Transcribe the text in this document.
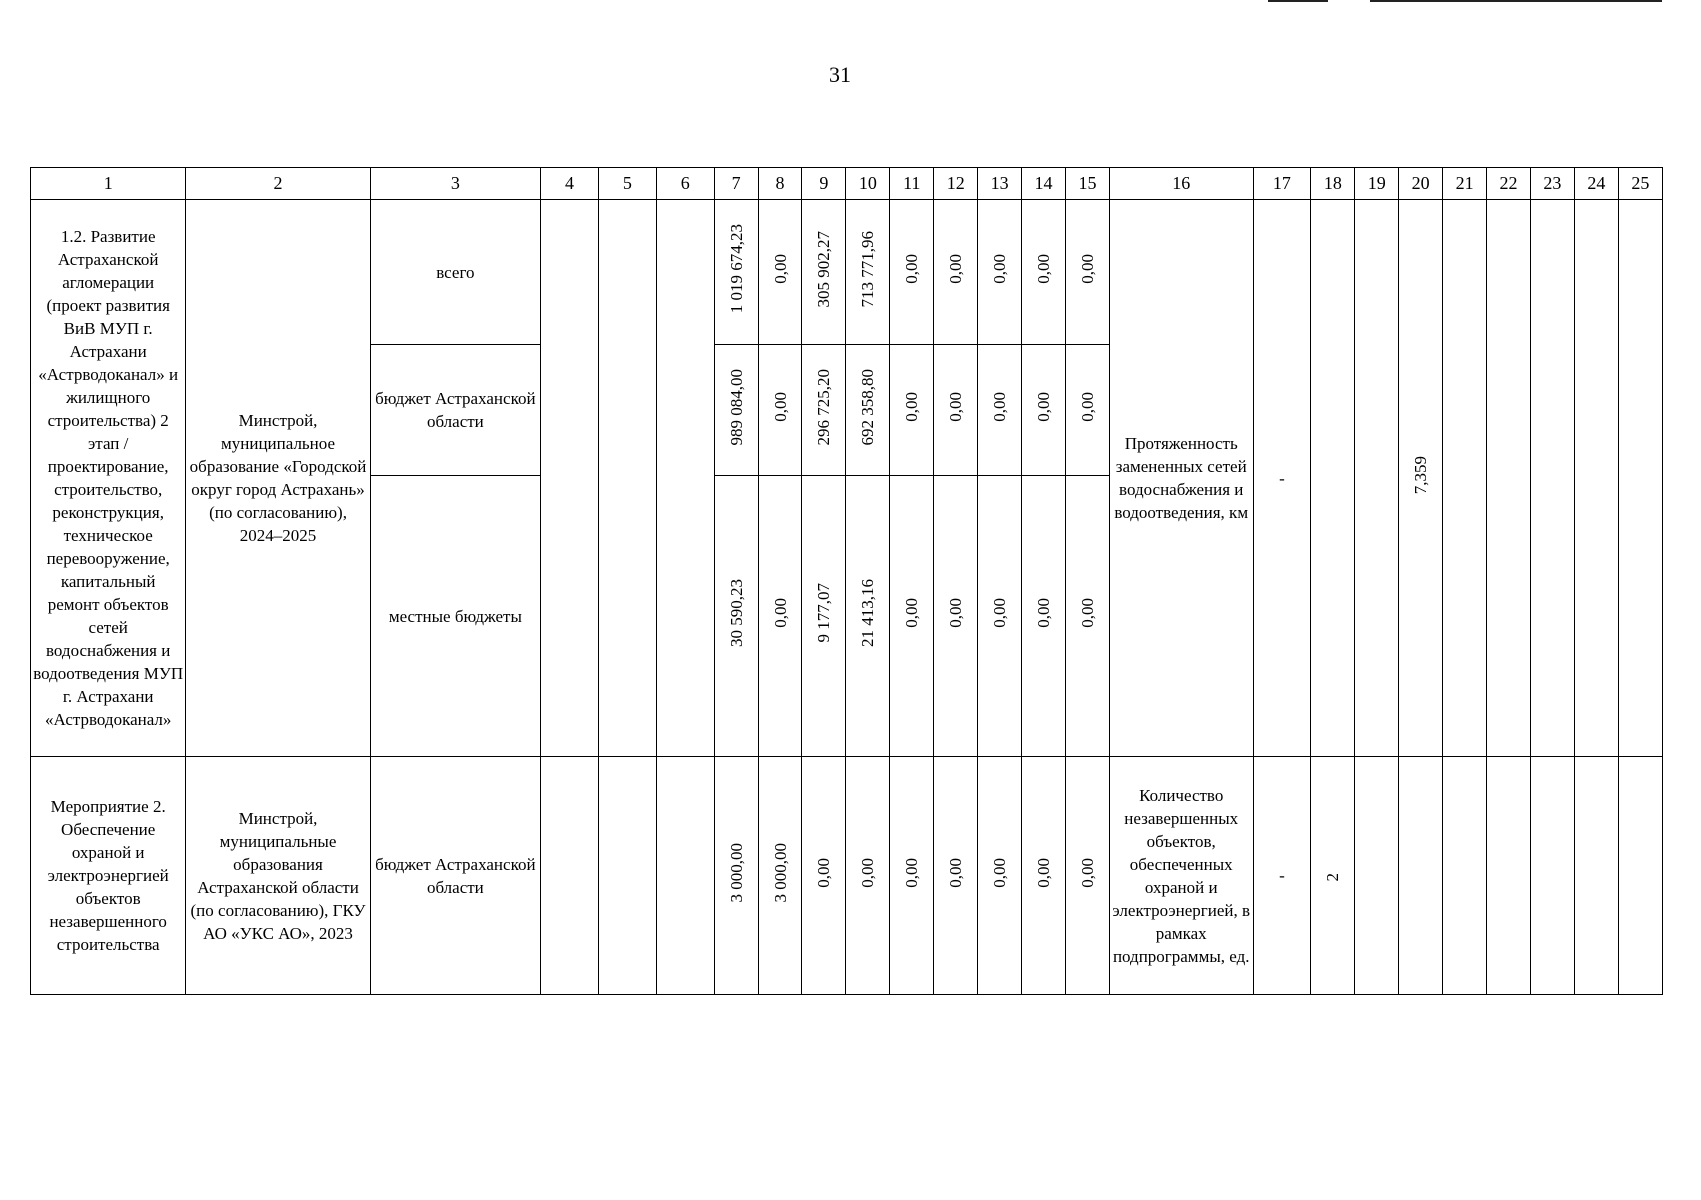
31
1	2	3	4	5	6	7	8	9	10	11	12	13	14	15	16	17	18	19	20	21	22	23	24	25
1.2. Развитие Астраханской агломерации (проект развития ВиВ МУП г. Астрахани «Астрводоканал» и жилищного строительства) 2 этап / проектирование, строительство, реконструкция, техническое перевооружение, капитальный ремонт объектов сетей водоснабжения и водоотведения МУП г. Астрахани «Астрводоканал»	Минстрой, муниципальное образование «Городской округ город Астрахань» (по согласованию), 2024–2025	всего				1 019 674,23	0,00	305 902,27	713 771,96	0,00	0,00	0,00	0,00	0,00	Протяженность замененных сетей водоснабжения и водоотведения, км	-			7,359					
		бюджет Астраханской области				989 084,00	0,00	296 725,20	692 358,80	0,00	0,00	0,00	0,00	0,00										
		местные бюджеты				30 590,23	0,00	9 177,07	21 413,16	0,00	0,00	0,00	0,00	0,00										
Мероприятие 2. Обеспечение охраной и электроэнергией объектов незавершенного строительства	Минстрой, муниципальные образования Астраханской области (по согласованию), ГКУ АО «УКС АО», 2023	бюджет Астраханской области				3 000,00	3 000,00	0,00	0,00	0,00	0,00	0,00	0,00	0,00	Количество незавершенных объектов, обеспеченных охраной и электроэнергией, в рамках подпрограммы, ед.	-	2							
